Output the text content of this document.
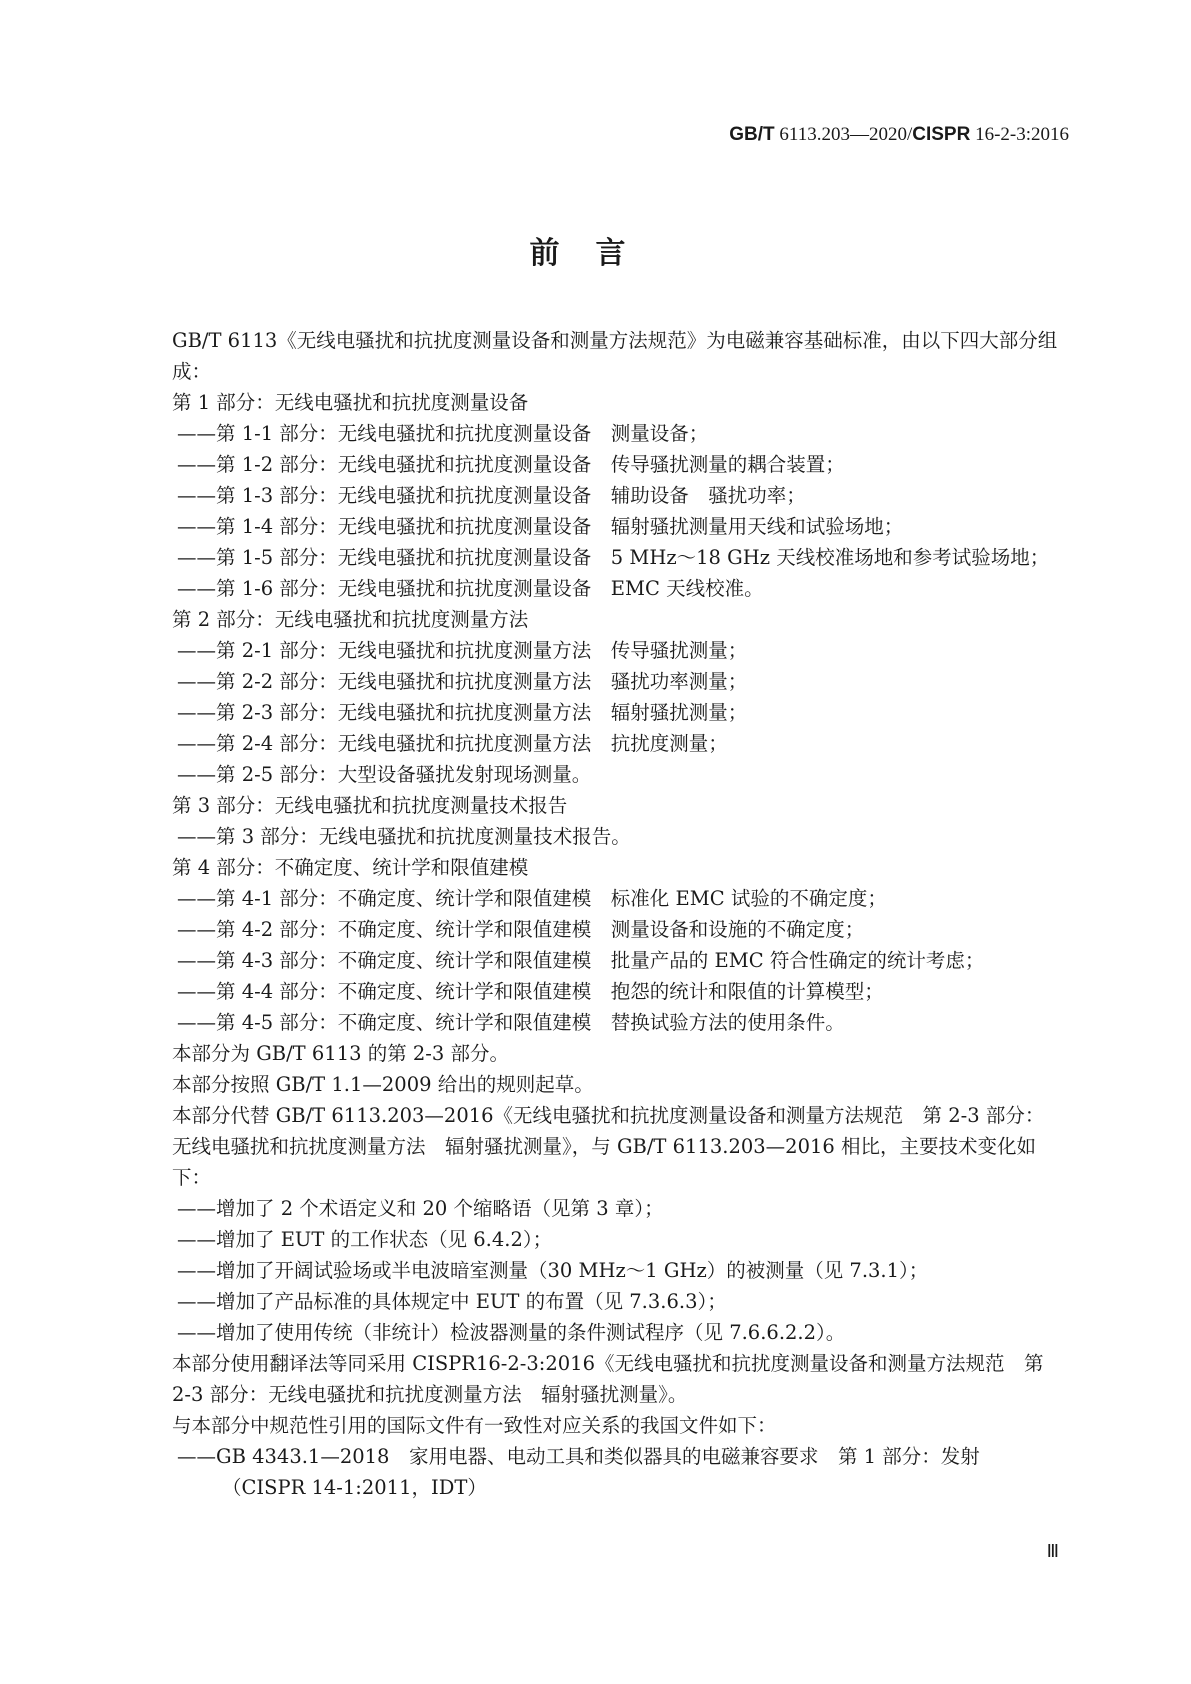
GB/T 6113.203—2020/CISPR 16-2-3:2016
前言

GB/T 6113《无线电骚扰和抗扰度测量设备和测量方法规范》为电磁兼容基础标准，由以下四大部分组成：

第 1 部分：无线电骚扰和抗扰度测量设备

——第 1-1 部分：无线电骚扰和抗扰度测量设备　测量设备；

——第 1-2 部分：无线电骚扰和抗扰度测量设备　传导骚扰测量的耦合装置；

——第 1-3 部分：无线电骚扰和抗扰度测量设备　辅助设备　骚扰功率；

——第 1-4 部分：无线电骚扰和抗扰度测量设备　辐射骚扰测量用天线和试验场地；

——第 1-5 部分：无线电骚扰和抗扰度测量设备　5 MHz～18 GHz 天线校准场地和参考试验场地；

——第 1-6 部分：无线电骚扰和抗扰度测量设备　EMC 天线校准。

第 2 部分：无线电骚扰和抗扰度测量方法

——第 2-1 部分：无线电骚扰和抗扰度测量方法　传导骚扰测量；

——第 2-2 部分：无线电骚扰和抗扰度测量方法　骚扰功率测量；

——第 2-3 部分：无线电骚扰和抗扰度测量方法　辐射骚扰测量；

——第 2-4 部分：无线电骚扰和抗扰度测量方法　抗扰度测量；

——第 2-5 部分：大型设备骚扰发射现场测量。

第 3 部分：无线电骚扰和抗扰度测量技术报告

——第 3 部分：无线电骚扰和抗扰度测量技术报告。

第 4 部分：不确定度、统计学和限值建模

——第 4-1 部分：不确定度、统计学和限值建模　标准化 EMC 试验的不确定度；

——第 4-2 部分：不确定度、统计学和限值建模　测量设备和设施的不确定度；

——第 4-3 部分：不确定度、统计学和限值建模　批量产品的 EMC 符合性确定的统计考虑；

——第 4-4 部分：不确定度、统计学和限值建模　抱怨的统计和限值的计算模型；

——第 4-5 部分：不确定度、统计学和限值建模　替换试验方法的使用条件。

本部分为 GB/T 6113 的第 2-3 部分。

本部分按照 GB/T 1.1—2009 给出的规则起草。

本部分代替 GB/T 6113.203—2016《无线电骚扰和抗扰度测量设备和测量方法规范　第 2-3 部分：无线电骚扰和抗扰度测量方法　辐射骚扰测量》，与 GB/T 6113.203—2016 相比，主要技术变化如下：

——增加了 2 个术语定义和 20 个缩略语（见第 3 章）；

——增加了 EUT 的工作状态（见 6.4.2）；

——增加了开阔试验场或半电波暗室测量（30 MHz～1 GHz）的被测量（见 7.3.1）；

——增加了产品标准的具体规定中 EUT 的布置（见 7.3.6.3）；

——增加了使用传统（非统计）检波器测量的条件测试程序（见 7.6.6.2.2）。

本部分使用翻译法等同采用 CISPR16-2-3:2016《无线电骚扰和抗扰度测量设备和测量方法规范　第 2-3 部分：无线电骚扰和抗扰度测量方法　辐射骚扰测量》。

与本部分中规范性引用的国际文件有一致性对应关系的我国文件如下：

——GB 4343.1—2018　家用电器、电动工具和类似器具的电磁兼容要求　第 1 部分：发射（CISPR 14-1:2011，IDT）

Ⅲ
